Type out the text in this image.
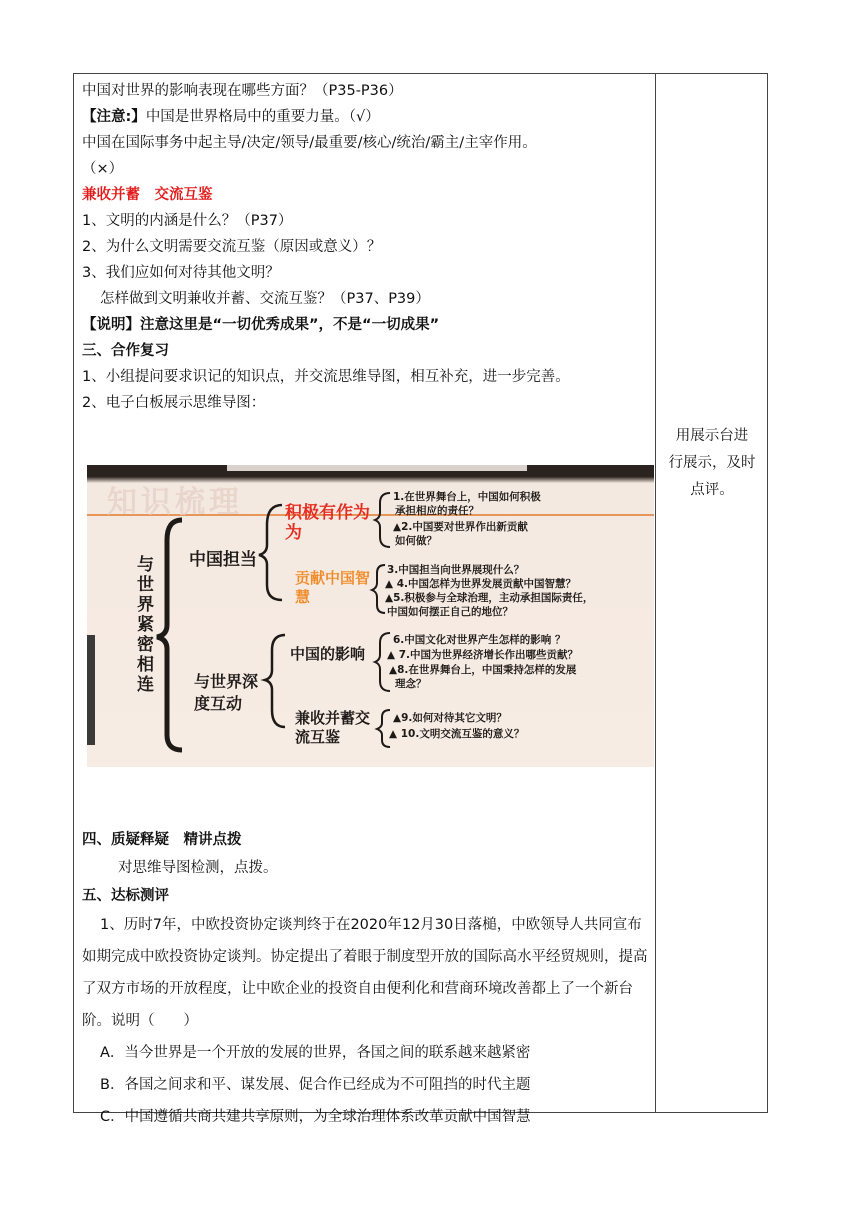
中国对世界的影响表现在哪些方面？（P35-P36）
【注意:】中国是世界格局中的重要力量。（√）
中国在国际事务中起主导/决定/领导/最重要/核心/统治/霸主/主宰作用。
（×）
兼收并蓄　交流互鉴
1、文明的内涵是什么？（P37）
2、为什么文明需要交流互鉴（原因或意义）？
3、我们应如何对待其他文明？
怎样做到文明兼收并蓄、交流互鉴？（P37、P39）
【说明】注意这里是“一切优秀成果”，不是“一切成果”
三、合作复习
1、小组提问要求识记的知识点，并交流思维导图，相互补充，进一步完善。
2、电子白板展示思维导图：
知识梳理
与世界紧密相连
中国担当
与世界深度互动
积极有作为为
贡献中国智慧
中国的影响
兼收并蓄交流互鉴
1.在世界舞台上，中国如何积极
承担相应的责任？
▲2.中国要对世界作出新贡献
如何做？
3.中国担当向世界展现什么？
▲ 4.中国怎样为世界发展贡献中国智慧？
▲5.积极参与全球治理，主动承担国际责任，
中国如何摆正自己的地位？
6.中国文化对世界产生怎样的影响 ？
▲ 7.中国为世界经济增长作出哪些贡献？
▲8.在世界舞台上，中国秉持怎样的发展
理念？
▲9.如何对待其它文明？
▲ 10.文明交流互鉴的意义？
四、质疑释疑　精讲点拨
对思维导图检测，点拨。
五、达标测评
1、历时7年，中欧投资协定谈判终于在2020年12月30日落槌，中欧领导人共同宣布如期完成中欧投资协定谈判。协定提出了着眼于制度型开放的国际高水平经贸规则，提高了双方市场的开放程度，让中欧企业的投资自由便利化和营商环境改善都上了一个新台阶。说明（　　）
A．当今世界是一个开放的发展的世界，各国之间的联系越来越紧密
B．各国之间求和平、谋发展、促合作已经成为不可阻挡的时代主题
C．中国遵循共商共建共享原则，为全球治理体系改革贡献中国智慧
用展示台进
行展示，及时
点评。
